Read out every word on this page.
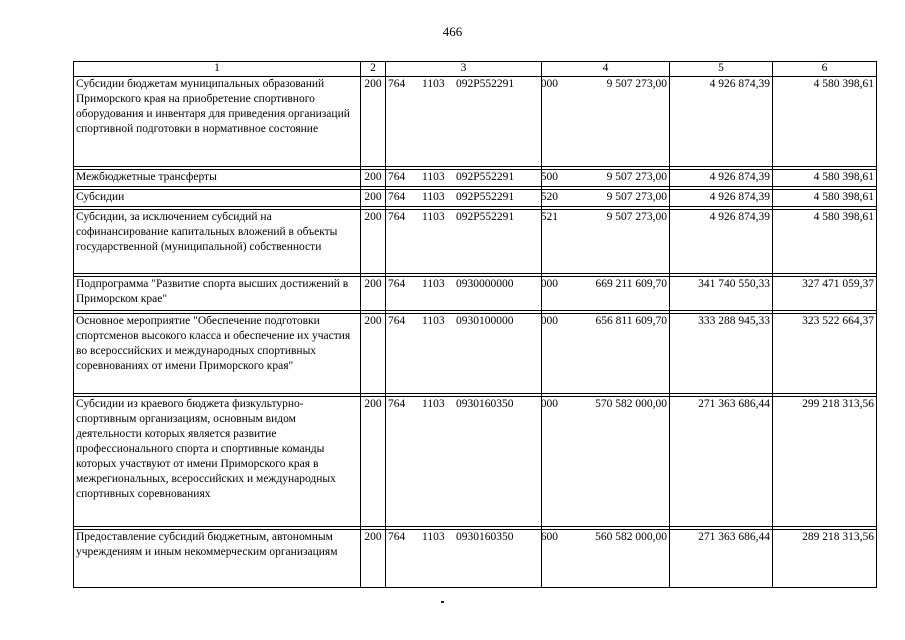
466
1	2	3	4	5	6
Субсидии бюджетам муниципальных образований Приморского края на приобретение спортивного оборудования и инвентаря для приведения организаций спортивной подготовки в нормативное состояние	200	764 1103 092P552291 000	9 507 273,00	4 926 874,39	4 580 398,61

Межбюджетные трансферты	200	764 1103 092P552291 500	9 507 273,00	4 926 874,39	4 580 398,61

Субсидии	200	764 1103 092P552291 520	9 507 273,00	4 926 874,39	4 580 398,61

Субсидии, за исключением субсидий на софинансирование капитальных вложений в объекты государственной (муниципальной) собственности	200	764 1103 092P552291 521	9 507 273,00	4 926 874,39	4 580 398,61

Подпрограмма "Развитие спорта высших достижений в Приморском крае"	200	764 1103 0930000000 000	669 211 609,70	341 740 550,33	327 471 059,37

Основное мероприятие "Обеспечение подготовки спортсменов высокого класса и обеспечение их участия во всероссийских и международных спортивных соревнованиях от имени Приморского края"	200	764 1103 0930100000 000	656 811 609,70	333 288 945,33	323 522 664,37

Субсидии из краевого бюджета физкультурно-спортивным организациям, основным видом деятельности которых является развитие профессионального спорта и спортивные команды которых участвуют от имени Приморского края в межрегиональных, всероссийских и международных спортивных соревнованиях	200	764 1103 0930160350 000	570 582 000,00	271 363 686,44	299 218 313,56

Предоставление субсидий бюджетным, автономным учреждениям и иным некоммерческим организациям	200	764 1103 0930160350 600	560 582 000,00	271 363 686,44	289 218 313,56
